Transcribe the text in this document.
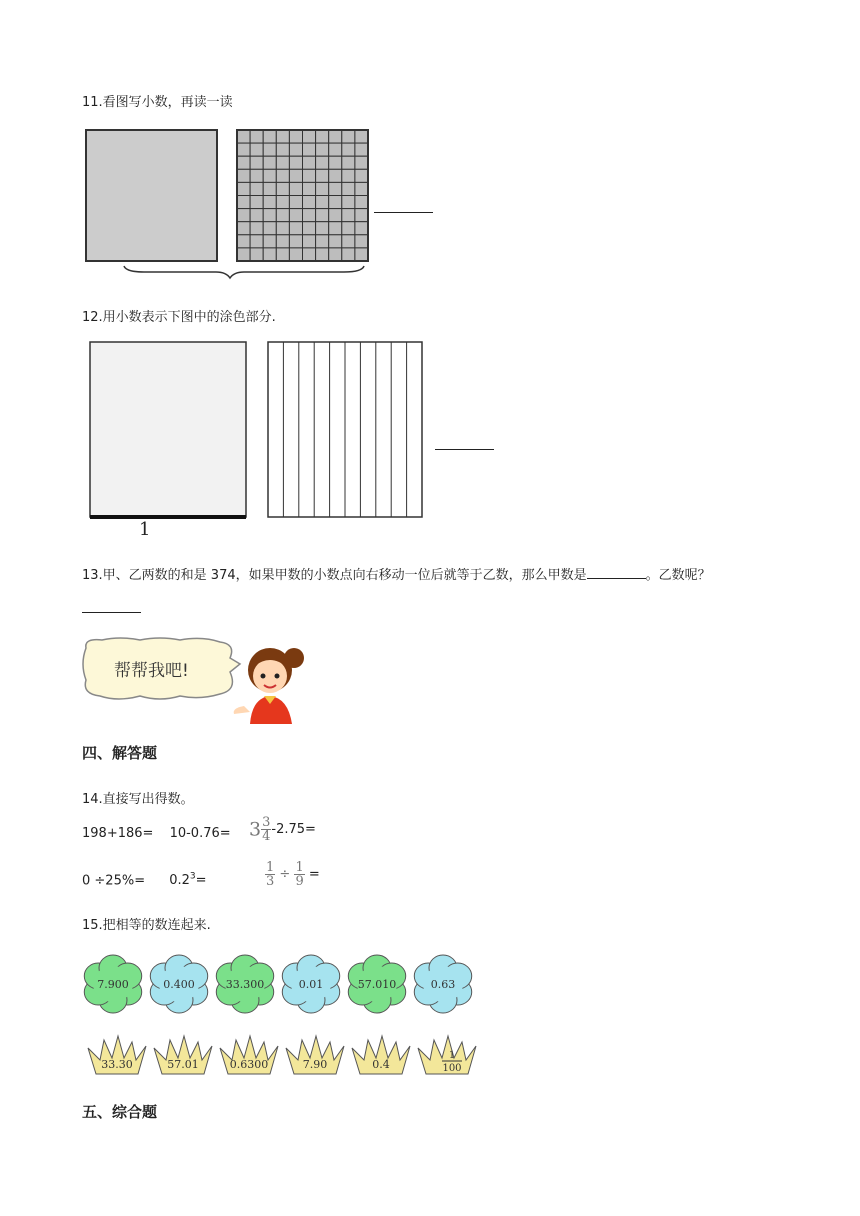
11.看图写小数，再读一读
12.用小数表示下图中的涂色部分.
1
13.甲、乙两数的和是 374，如果甲数的小数点向右移动一位后就等于乙数，那么甲数是	。乙数呢？
帮帮我吧!
四、解答题
14.直接写出得数。
$198+186= 10-0.76= 3 \frac{3}{4} -2.75=$
$0 \div 25\%= 0.2^3=$	$\frac{1}{3} \div \frac{1}{9}$ =
15.把相等的数连起来.
7.900	0.400	33.300	0.01	57.010	0.63
33.30	57.01	0.6300	7.90	0.4
1
100
五、综合题
